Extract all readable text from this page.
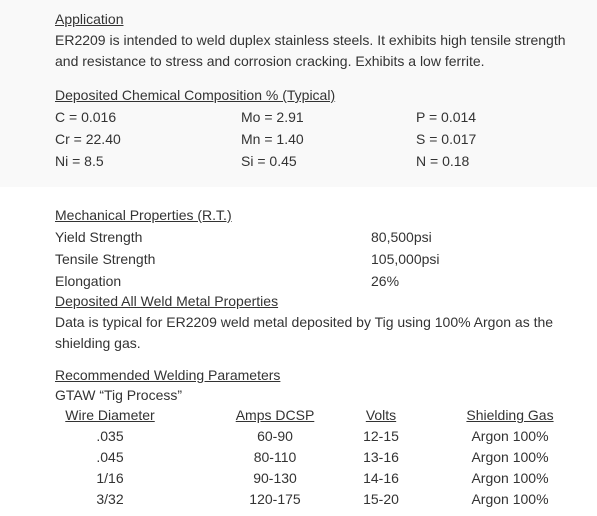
Application
ER2209 is intended to weld duplex stainless steels. It exhibits high tensile strength
and resistance to stress and corrosion cracking. Exhibits a low ferrite.
Deposited Chemical Composition % (Typical)
C = 0.016	Mo = 2.91	P = 0.014
Cr = 22.40	Mn = 1.40	S = 0.017
Ni = 8.5	Si = 0.45	N = 0.18
Mechanical Properties (R.T.)
Yield Strength	80,500psi
Tensile Strength	105,000psi
Elongation	26%
Deposited All Weld Metal Properties
Data is typical for ER2209 weld metal deposited by Tig using 100% Argon as the
shielding gas.
Recommended Welding Parameters
GTAW “Tig Process”
Wire Diameter	Amps DCSP	Volts	Shielding Gas
.035	60-90	12-15	Argon 100%
.045	80-110	13-16	Argon 100%
1/16	90-130	14-16	Argon 100%
3/32	120-175	15-20	Argon 100%
